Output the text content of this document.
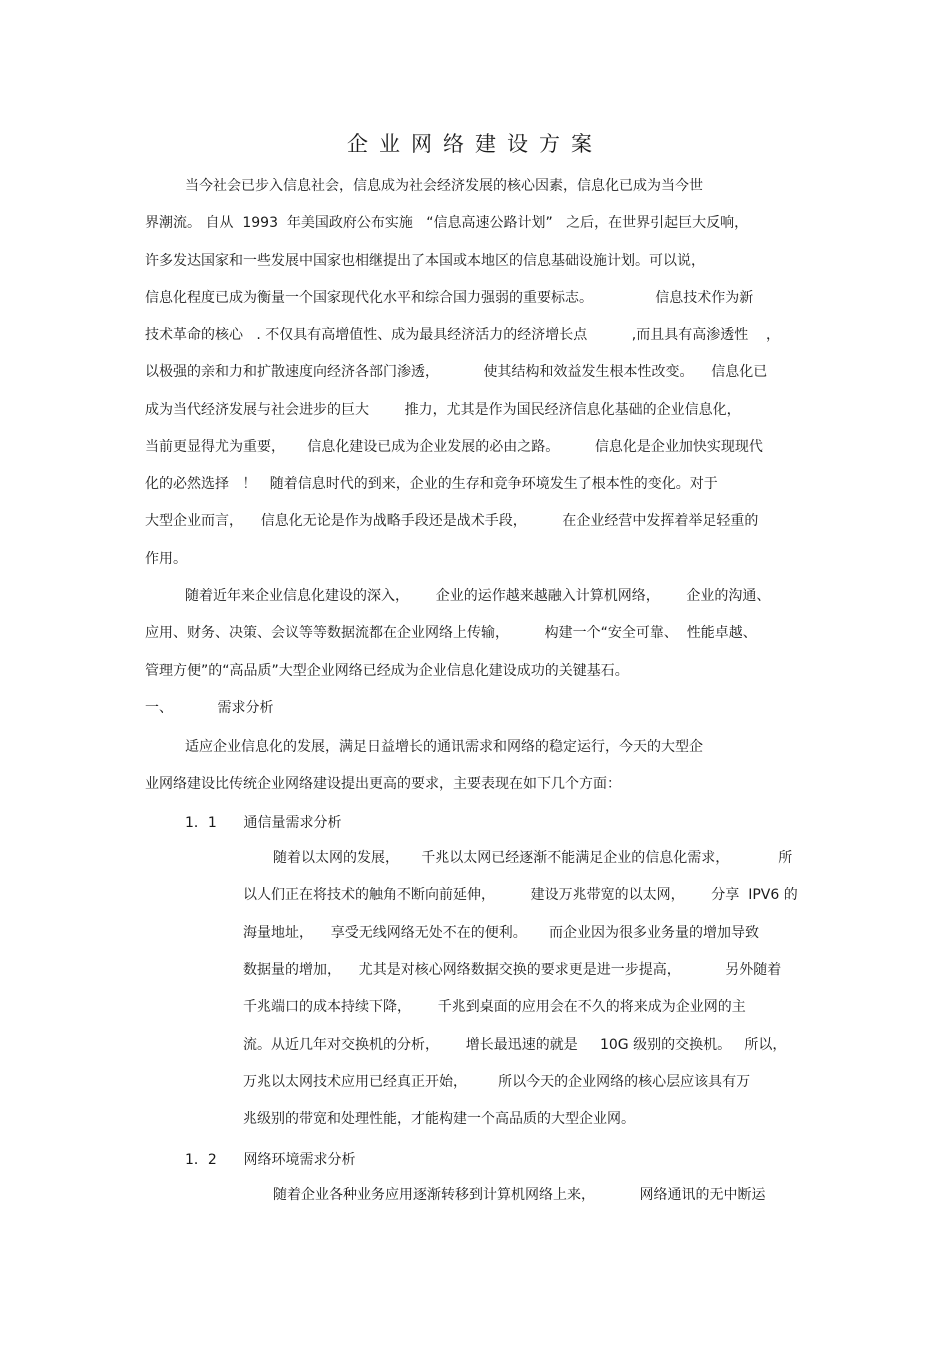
企业网络建设方案
当今社会已步入信息社会，信息成为社会经济发展的核心因素，信息化已成为当今世
界潮流。 自从  1993  年美国政府公布实施   “信息高速公路计划”   之后，在世界引起巨大反响，
许多发达国家和一些发展中国家也相继提出了本国或本地区的信息基础设施计划。可以说，
信息化程度已成为衡量一个国家现代化水平和综合国力强弱的重要标志。              信息技术作为新
技术革命的核心   . 不仅具有高增值性、成为最具经济活力的经济增长点          ,而且具有高渗透性    ，
以极强的亲和力和扩散速度向经济各部门渗透，          使其结构和效益发生根本性改变。    信息化已
成为当代经济发展与社会进步的巨大        推力，尤其是作为国民经济信息化基础的企业信息化，
当前更显得尤为重要，     信息化建设已成为企业发展的必由之路。        信息化是企业加快实现现代
化的必然选择   ！   随着信息时代的到来，企业的生存和竞争环境发生了根本性的变化。对于
大型企业而言，    信息化无论是作为战略手段还是战术手段，        在企业经营中发挥着举足轻重的
作用。
随着近年来企业信息化建设的深入，      企业的运作越来越融入计算机网络，      企业的沟通、
应用、财务、决策、会议等等数据流都在企业网络上传输，        构建一个“安全可靠、  性能卓越、
管理方便”的“高品质”大型企业网络已经成为企业信息化建设成功的关键基石。
一、          需求分析
适应企业信息化的发展，满足日益增长的通讯需求和网络的稳定运行，今天的大型企
业网络建设比传统企业网络建设提出更高的要求，主要表现在如下几个方面：
1．1      通信量需求分析
随着以太网的发展，     千兆以太网已经逐渐不能满足企业的信息化需求，           所
以人们正在将技术的触角不断向前延伸，        建设万兆带宽的以太网，      分享  IPV6 的
海量地址，    享受无线网络无处不在的便利。     而企业因为很多业务量的增加导致
数据量的增加，    尤其是对核心网络数据交换的要求更是进一步提高，          另外随着
千兆端口的成本持续下降，      千兆到桌面的应用会在不久的将来成为企业网的主
流。从近几年对交换机的分析，      增长最迅速的就是     10G 级别的交换机。   所以，
万兆以太网技术应用已经真正开始，       所以今天的企业网络的核心层应该具有万
兆级别的带宽和处理性能，才能构建一个高品质的大型企业网。
1．2      网络环境需求分析
随着企业各种业务应用逐渐转移到计算机网络上来，          网络通讯的无中断运
